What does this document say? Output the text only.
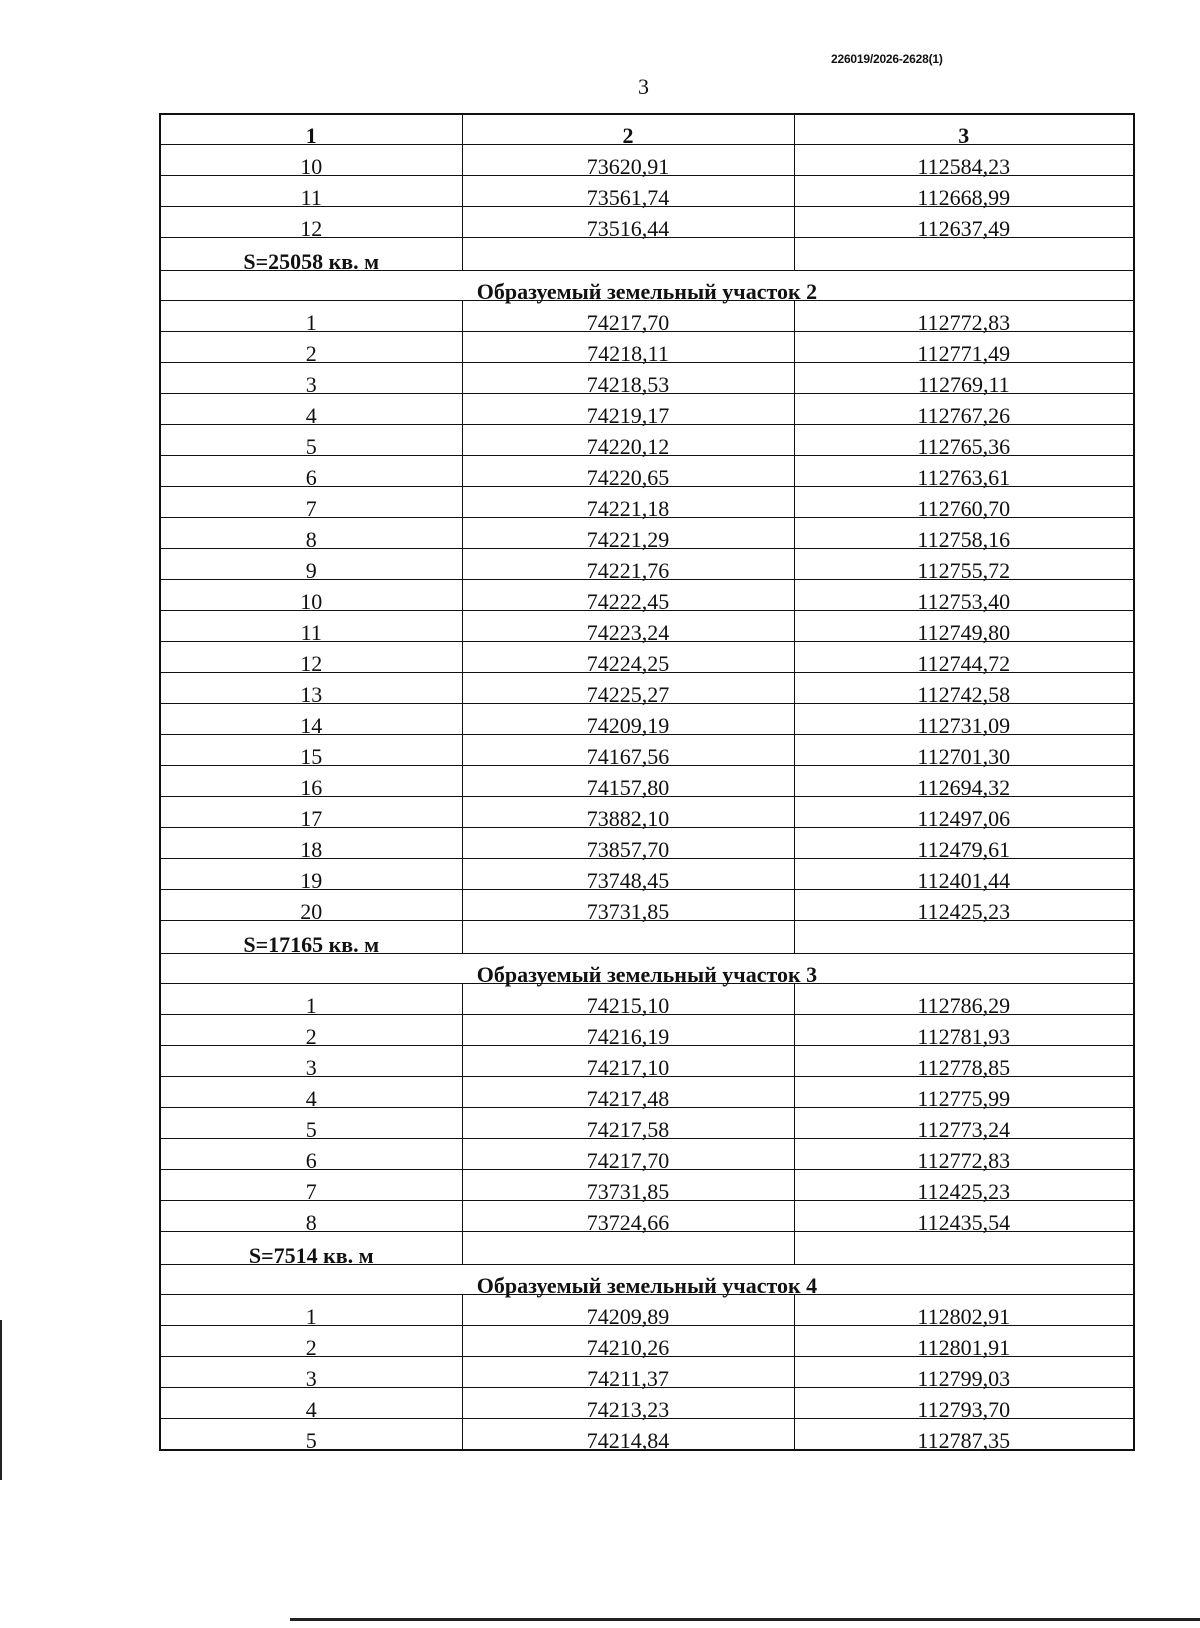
226019/2026-2628(1)
3
1	2	3
10	73620,91	112584,23
11	73561,74	112668,99
12	73516,44	112637,49
S=25058 кв. м		
Образуемый земельный участок 2		
1	74217,70	112772,83
2	74218,11	112771,49
3	74218,53	112769,11
4	74219,17	112767,26
5	74220,12	112765,36
6	74220,65	112763,61
7	74221,18	112760,70
8	74221,29	112758,16
9	74221,76	112755,72
10	74222,45	112753,40
11	74223,24	112749,80
12	74224,25	112744,72
13	74225,27	112742,58
14	74209,19	112731,09
15	74167,56	112701,30
16	74157,80	112694,32
17	73882,10	112497,06
18	73857,70	112479,61
19	73748,45	112401,44
20	73731,85	112425,23
S=17165 кв. м		
Образуемый земельный участок 3		
1	74215,10	112786,29
2	74216,19	112781,93
3	74217,10	112778,85
4	74217,48	112775,99
5	74217,58	112773,24
6	74217,70	112772,83
7	73731,85	112425,23
8	73724,66	112435,54
S=7514 кв. м		
Образуемый земельный участок 4		
1	74209,89	112802,91
2	74210,26	112801,91
3	74211,37	112799,03
4	74213,23	112793,70
5	74214,84	112787,35
